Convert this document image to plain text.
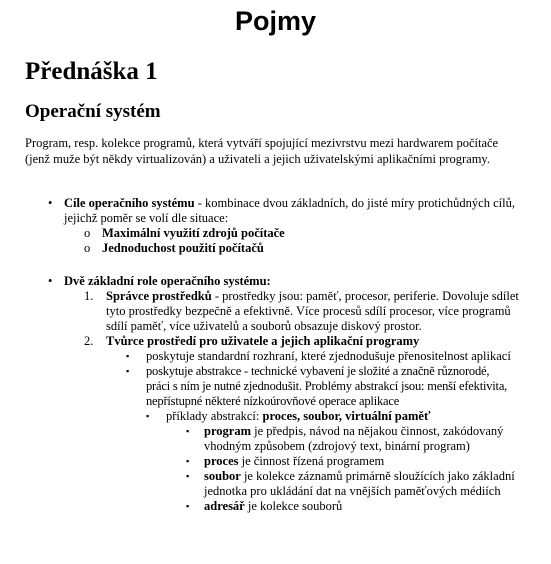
Pojmy
Přednáška 1
Operační systém
Program, resp. kolekce programů, která vytváří spojující mezivrstvu mezi hardwarem počítače (jenž muže být někdy virtualizován) a uživateli a jejich uživatelskými aplikačními programy.
• Cíle operačního systému - kombinace dvou základních, do jisté míry protichůdných cílů, jejichž poměr se volí dle situace:
o Maximální využití zdrojů počítače
o Jednoduchost použití počítačů
• Dvě základní role operačního systému:
1. Správce prostředků - prostředky jsou: paměť, procesor, periferie. Dovoluje sdílet tyto prostředky bezpečně a efektivně. Více procesů sdílí procesor, více programů sdílí paměť, více uživatelů a souborů obsazuje diskový prostor.
2. Tvůrce prostředí pro uživatele a jejich aplikační programy
▪ poskytuje standardní rozhraní, které zjednodušuje přenositelnost aplikací
▪ poskytuje abstrakce - technické vybavení je složité a značně různorodé, práci s ním je nutné zjednodušit. Problémy abstrakcí jsou: menší efektivita, nepřístupné některé nízkoúrovňové operace aplikace
▪ příklady abstrakcí: proces, soubor, virtuální paměť
▪ program je předpis, návod na nějakou činnost, zakódovaný vhodným způsobem (zdrojový text, binární program)
▪ proces je činnost řízená programem
▪ soubor je kolekce záznamů primárně sloužících jako základní jednotka pro ukládání dat na vnějších paměťových médiích
▪ adresář je kolekce souborů
